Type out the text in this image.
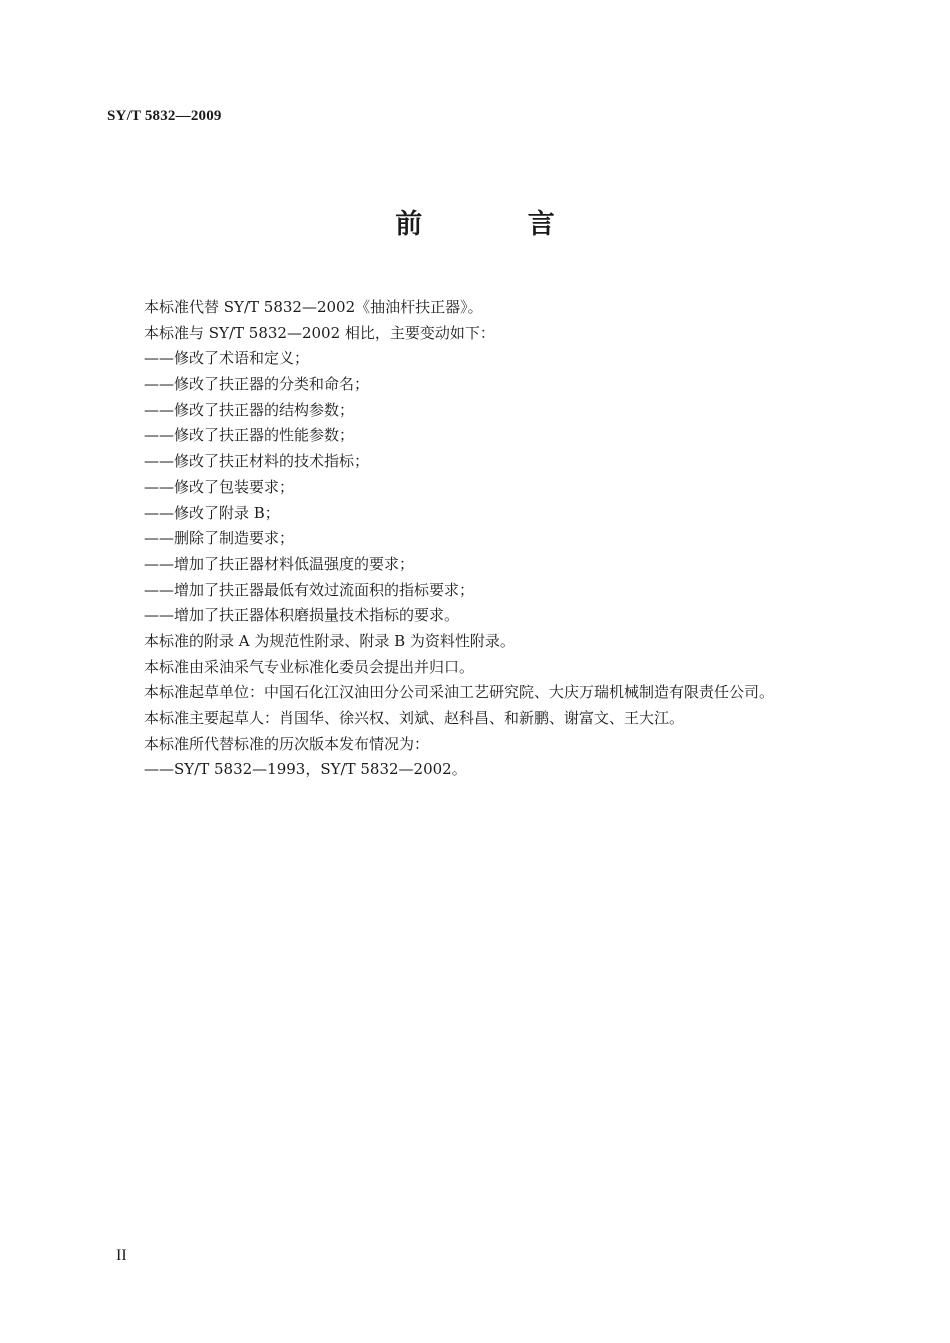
SY/T 5832—2009
前 言
本标准代替 SY/T 5832—2002《抽油杆扶正器》。
本标准与 SY/T 5832—2002 相比，主要变动如下：
——修改了术语和定义；
——修改了扶正器的分类和命名；
——修改了扶正器的结构参数；
——修改了扶正器的性能参数；
——修改了扶正材料的技术指标；
——修改了包装要求；
——修改了附录 B；
——删除了制造要求；
——增加了扶正器材料低温强度的要求；
——增加了扶正器最低有效过流面积的指标要求；
——增加了扶正器体积磨损量技术指标的要求。
本标准的附录 A 为规范性附录、附录 B 为资料性附录。
本标准由采油采气专业标准化委员会提出并归口。
本标准起草单位：中国石化江汉油田分公司采油工艺研究院、大庆万瑞机械制造有限责任公司。
本标准主要起草人：肖国华、徐兴权、刘斌、赵科昌、和新鹏、谢富文、王大江。
本标准所代替标准的历次版本发布情况为：
——SY/T 5832—1993，SY/T 5832—2002。
II
